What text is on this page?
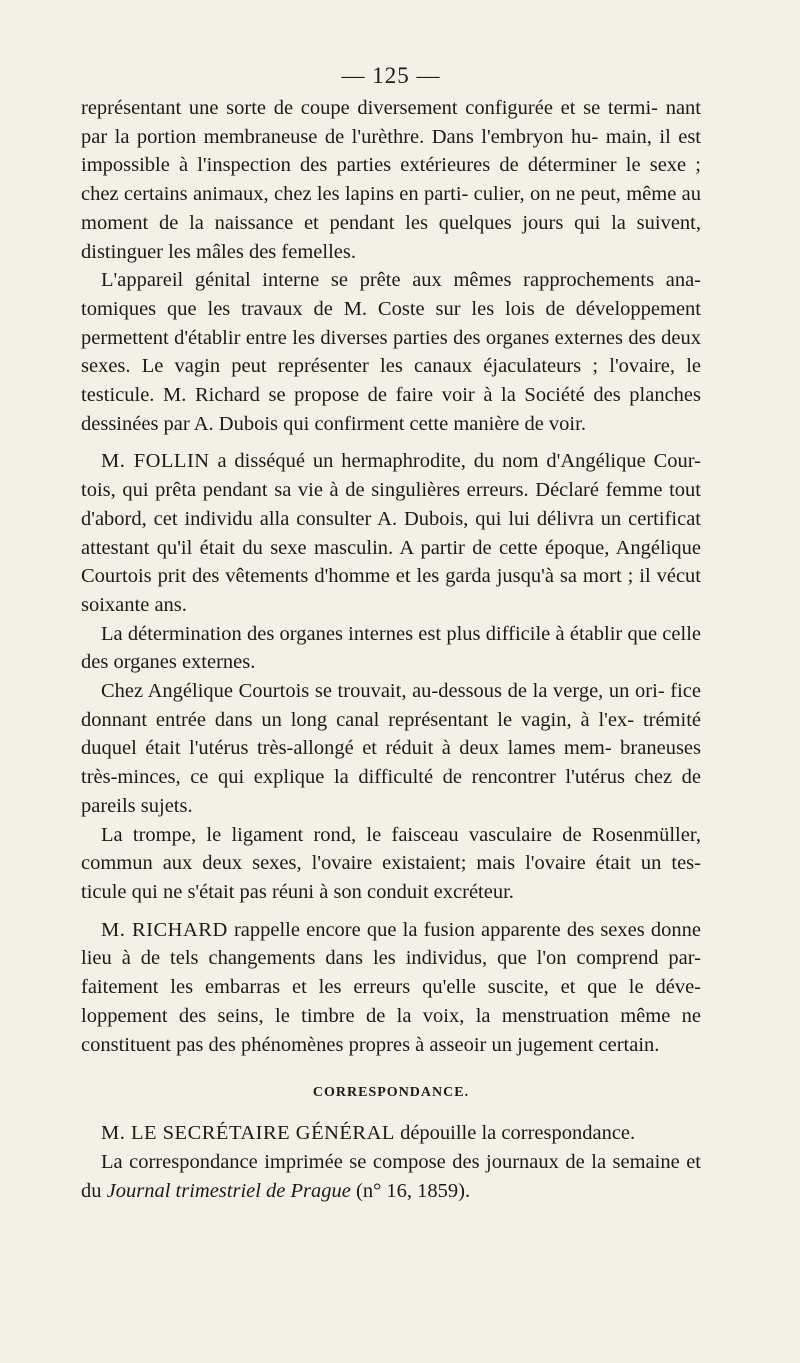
— 125 —

représentant une sorte de coupe diversement configurée et se termi- nant par la portion membraneuse de l'urèthre. Dans l'embryon hu- main, il est impossible à l'inspection des parties extérieures de déterminer le sexe ; chez certains animaux, chez les lapins en parti- culier, on ne peut, même au moment de la naissance et pendant les quelques jours qui la suivent, distinguer les mâles des femelles.

L'appareil génital interne se prête aux mêmes rapprochements ana- tomiques que les travaux de M. Coste sur les lois de développement permettent d'établir entre les diverses parties des organes externes des deux sexes. Le vagin peut représenter les canaux éjaculateurs ; l'ovaire, le testicule. M. Richard se propose de faire voir à la Société des planches dessinées par A. Dubois qui confirment cette manière de voir.

M. FOLLIN a disséqué un hermaphrodite, du nom d'Angélique Cour- tois, qui prêta pendant sa vie à de singulières erreurs. Déclaré femme tout d'abord, cet individu alla consulter A. Dubois, qui lui délivra un certificat attestant qu'il était du sexe masculin. A partir de cette époque, Angélique Courtois prit des vêtements d'homme et les garda jusqu'à sa mort ; il vécut soixante ans.

La détermination des organes internes est plus difficile à établir que celle des organes externes.

Chez Angélique Courtois se trouvait, au-dessous de la verge, un ori- fice donnant entrée dans un long canal représentant le vagin, à l'ex- trémité duquel était l'utérus très-allongé et réduit à deux lames mem- braneuses très-minces, ce qui explique la difficulté de rencontrer l'utérus chez de pareils sujets.

La trompe, le ligament rond, le faisceau vasculaire de Rosenmüller, commun aux deux sexes, l'ovaire existaient; mais l'ovaire était un tes- ticule qui ne s'était pas réuni à son conduit excréteur.

M. RICHARD rappelle encore que la fusion apparente des sexes donne lieu à de tels changements dans les individus, que l'on comprend par- faitement les embarras et les erreurs qu'elle suscite, et que le déve- loppement des seins, le timbre de la voix, la menstruation même ne constituent pas des phénomènes propres à asseoir un jugement certain.

CORRESPONDANCE.

M. LE SECRÉTAIRE GÉNÉRAL dépouille la correspondance.

La correspondance imprimée se compose des journaux de la semaine et du Journal trimestriel de Prague (n° 16, 1859).
